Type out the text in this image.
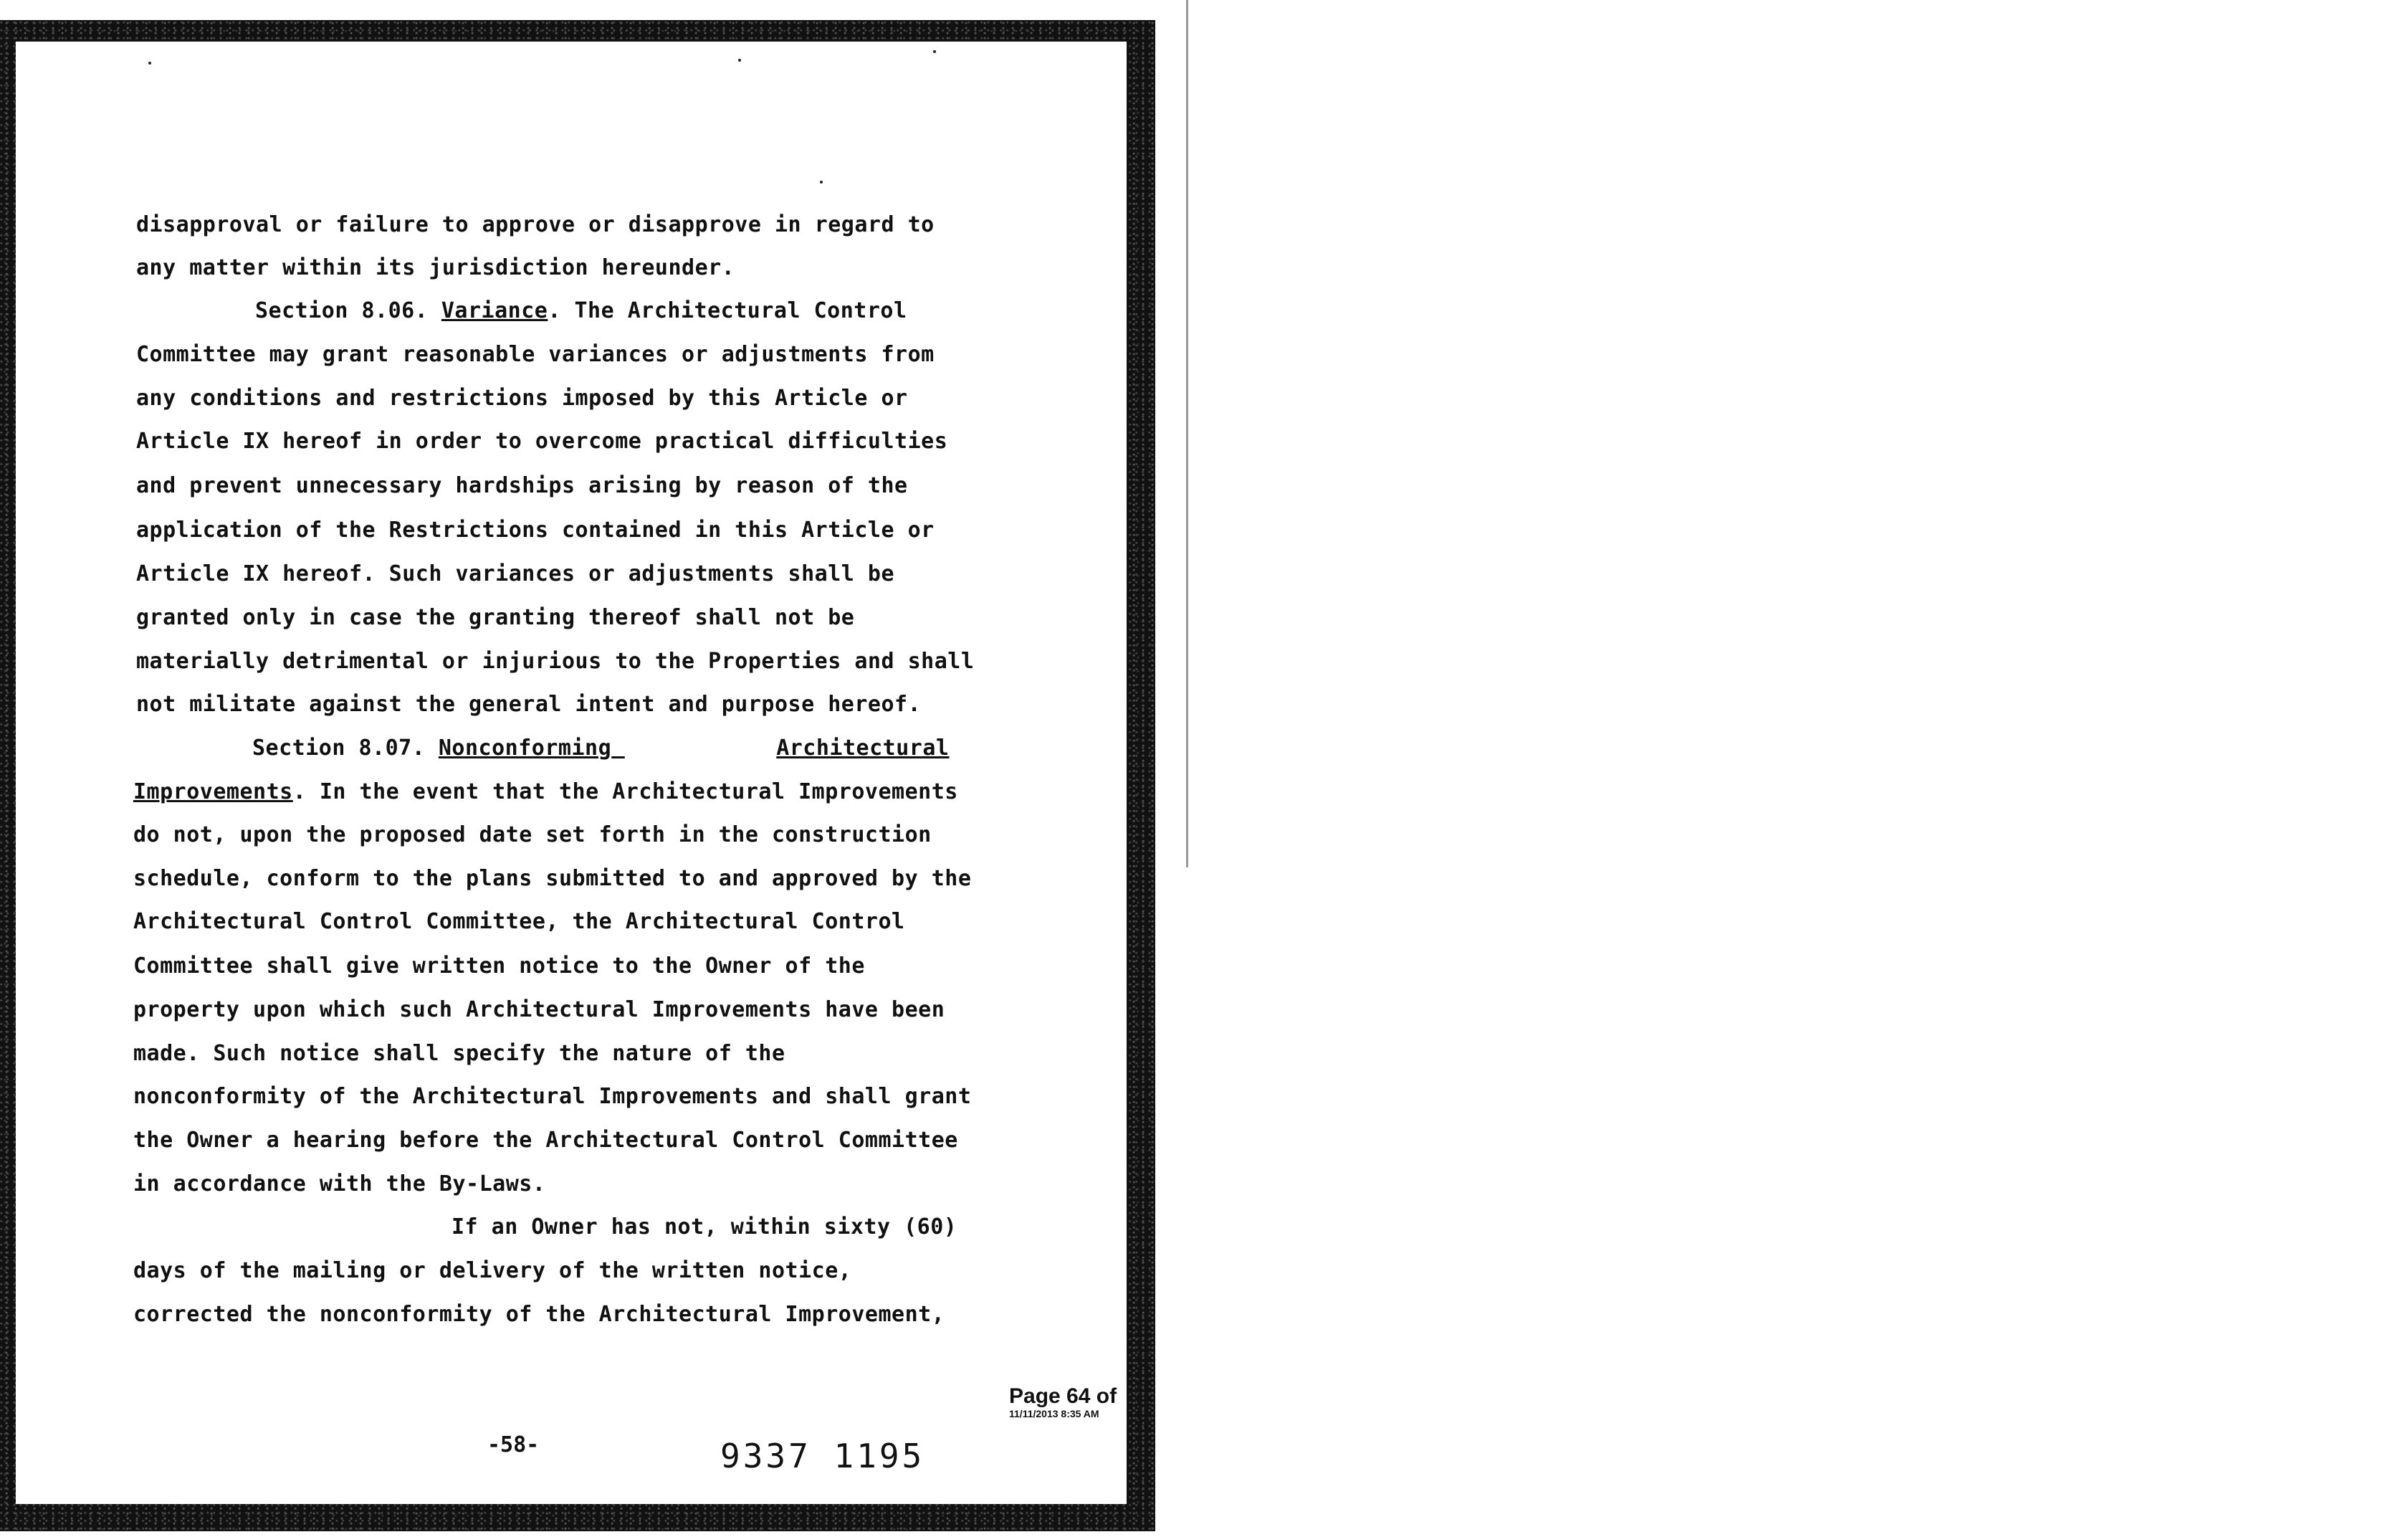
disapproval or failure to approve or disapprove in regard to
any matter within its jurisdiction hereunder.
Section 8.06. Variance. The Architectural Control
Committee may grant reasonable variances or adjustments from
any conditions and restrictions imposed by this Article or
Article IX hereof in order to overcome practical difficulties
and prevent unnecessary hardships arising by reason of the
application of the Restrictions contained in this Article or
Article IX hereof. Such variances or adjustments shall be
granted only in case the granting thereof shall not be
materially detrimental or injurious to the Properties and shall
not militate against the general intent and purpose hereof.
Section 8.07. Nonconforming	Architectural
Improvements. In the event that the Architectural Improvements
do not, upon the proposed date set forth in the construction
schedule, conform to the plans submitted to and approved by the
Architectural Control Committee, the Architectural Control
Committee shall give written notice to the Owner of the
property upon which such Architectural Improvements have been
made. Such notice shall specify the nature of the
nonconformity of the Architectural Improvements and shall grant
the Owner a hearing before the Architectural Control Committee
in accordance with the By-Laws.
If an Owner has not, within sixty (60)
days of the mailing or delivery of the written notice,
corrected the nonconformity of the Architectural Improvement,
Page 64 of
11/11/2013 8:35 AM
-58-	9337 1195
